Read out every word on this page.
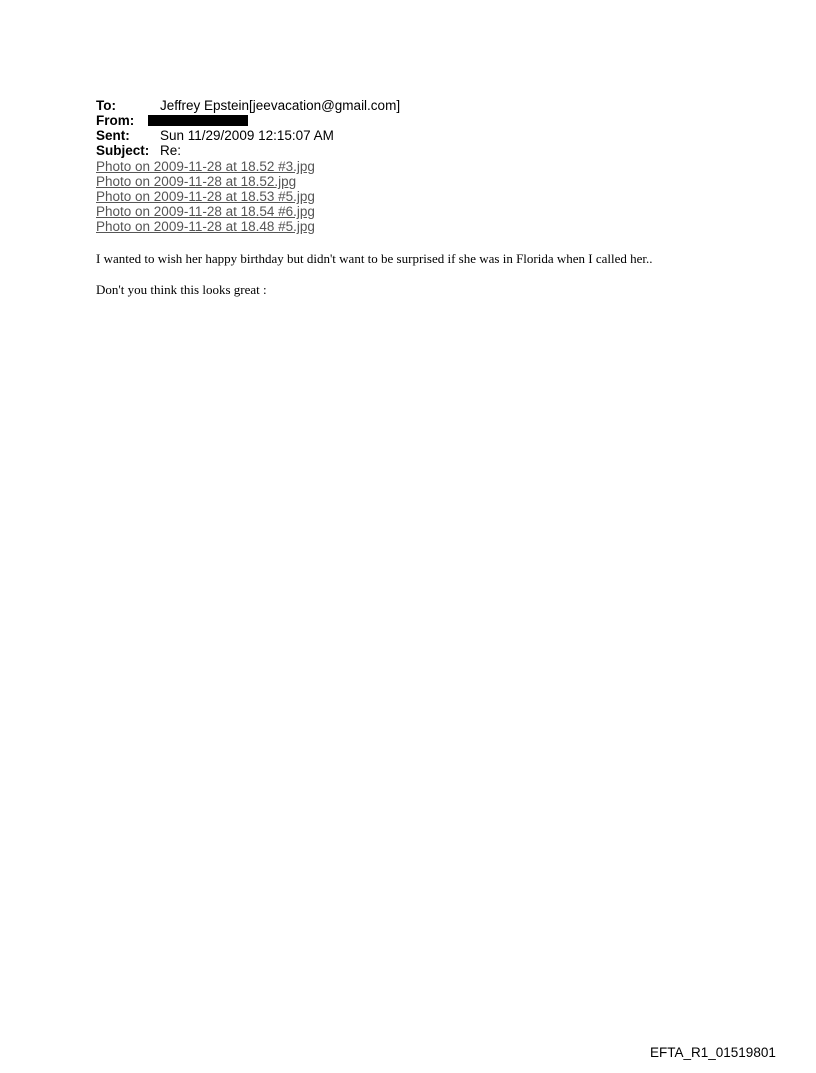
To:	Jeffrey Epstein[jeevacation@gmail.com]
From:
Sent:	Sun 11/29/2009 12:15:07 AM
Subject: Re:
Photo on 2009-11-28 at 18.52 #3.jpg
Photo on 2009-11-28 at 18.52.jpg
Photo on 2009-11-28 at 18.53 #5.jpg
Photo on 2009-11-28 at 18.54 #6.jpg
Photo on 2009-11-28 at 18.48 #5.jpg
I wanted to wish her happy birthday but didn't want to be surprised if she was in Florida when I called her..
Don't you think this looks great :
EFTA_R1_01519801
